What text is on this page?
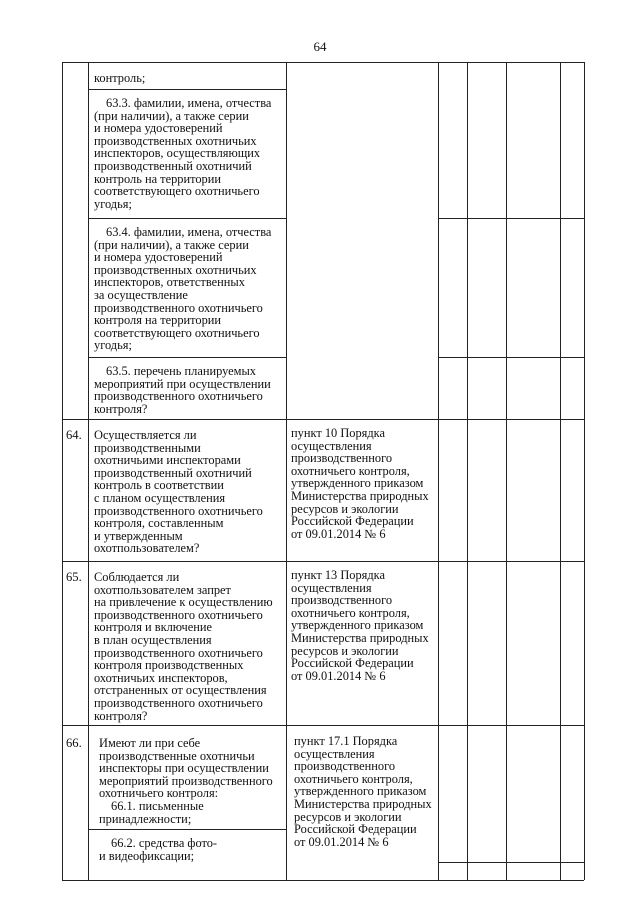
64
контроль;
63.3. фамилии, имена, отчества
(при наличии), а также серии
и номера удостоверений
производственных охотничьих
инспекторов, осуществляющих
производственный охотничий
контроль на территории
соответствующего охотничьего
угодья;
63.4. фамилии, имена, отчества
(при наличии), а также серии
и номера удостоверений
производственных охотничьих
инспекторов, ответственных
за осуществление
производственного охотничьего
контроля на территории
соответствующего охотничьего
угодья;
63.5. перечень планируемых
мероприятий при осуществлении
производственного охотничьего
контроля?
64. Осуществляется ли
производственными
охотничьими инспекторами
производственный охотничий
контроль в соответствии
с планом осуществления
производственного охотничьего
контроля, составленным
и утвержденным
охотпользователем?
пункт 10 Порядка
осуществления
производственного
охотничьего контроля,
утвержденного приказом
Министерства природных
ресурсов и экологии
Российской Федерации
от 09.01.2014 № 6
65. Соблюдается ли
охотпользователем запрет
на привлечение к осуществлению
производственного охотничьего
контроля и включение
в план осуществления
производственного охотничьего
контроля производственных
охотничьих инспекторов,
отстраненных от осуществления
производственного охотничьего
контроля?
пункт 13 Порядка
осуществления
производственного
охотничьего контроля,
утвержденного приказом
Министерства природных
ресурсов и экологии
Российской Федерации
от 09.01.2014 № 6
66. Имеют ли при себе
производственные охотничьи
инспекторы при осуществлении
мероприятий производственного
охотничьего контроля:
66.1. письменные
принадлежности;
пункт 17.1 Порядка
осуществления
производственного
охотничьего контроля,
утвержденного приказом
Министерства природных
ресурсов и экологии
Российской Федерации
от 09.01.2014 № 6
66.2. средства фото-
и видеофиксации;
